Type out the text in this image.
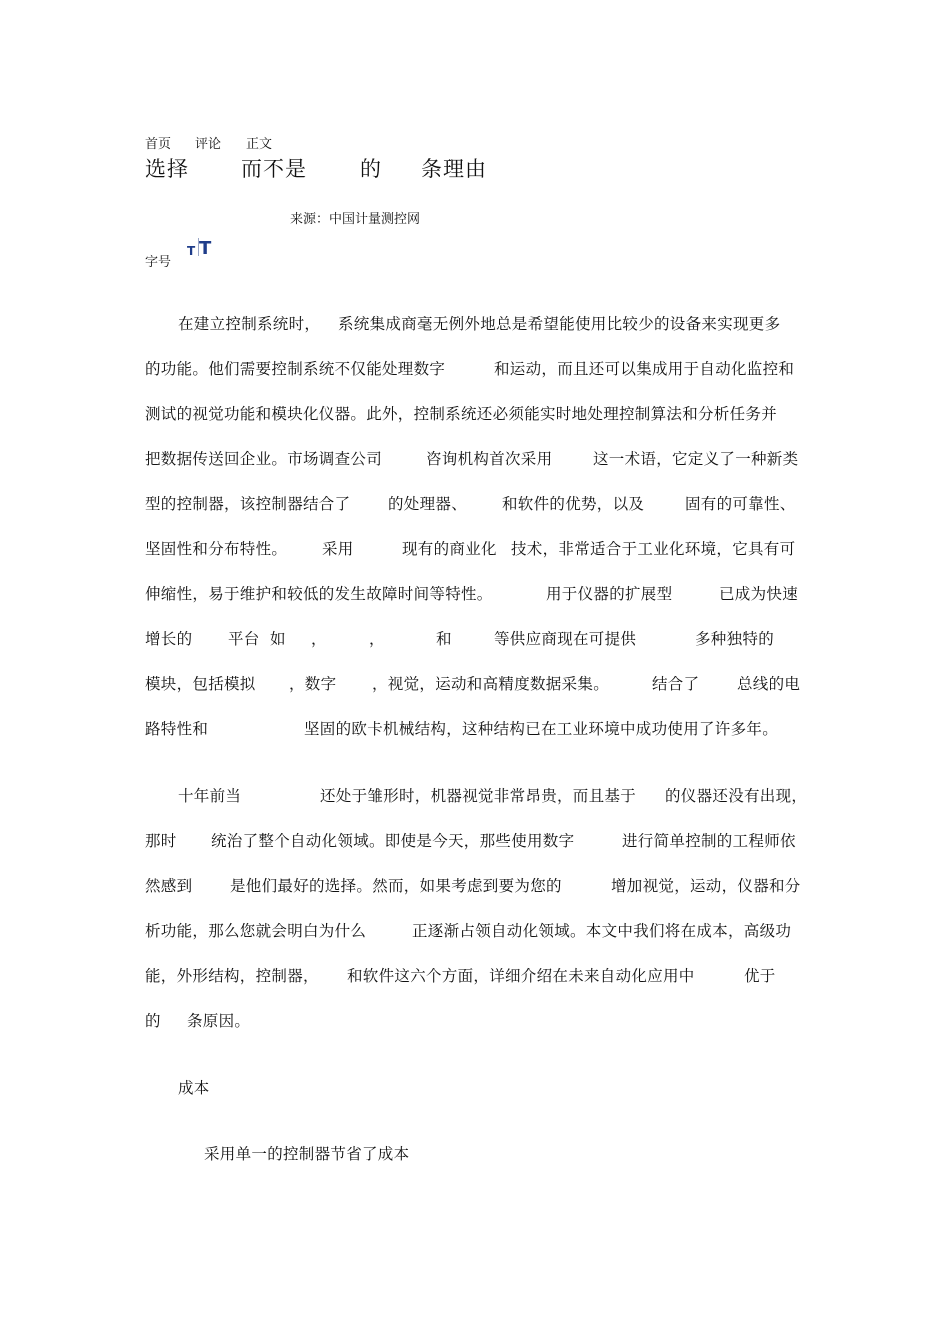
首页 评论 正文
选择 而不是	的 条理由
来源：中国计量测控网
字号
T T
在建立控制系统时， 系统集成商毫无例外地总是希望能使用比较少的设备来实现更多
的功能。他们需要控制系统不仅能处理数字	和运动，而且还可以集成用于自动化监控和
测试的视觉功能和模块化仪器。此外，控制系统还必须能实时地处理控制算法和分析任务并
把数据传送回企业。市场调查公司	咨询机构首次采用	这一术语，它定义了一种新类
型的控制器，该控制器结合了 的处理器、 和软件的优势，以及	固有的可靠性、
坚固性和分布特性。 采用	现有的商业化 技术，非常适合于工业化环境，它具有可
伸缩性，易于维护和较低的发生故障时间等特性。	用于仪器的扩展型	已成为快速
增长的 平台 如 ，	，	和	等供应商现在可提供	多种独特的
模块，包括模拟 ，数字 ，视觉，运动和高精度数据采集。	结合了 总线的电
路特性和	坚固的欧卡机械结构，这种结构已在工业环境中成功使用了许多年。
十年前当	还处于雏形时，机器视觉非常昂贵，而且基于 的仪器还没有出现，
那时 统治了整个自动化领域。即使是今天，那些使用数字	进行简单控制的工程师依
然感到 是他们最好的选择。然而，如果考虑到要为您的	增加视觉，运动，仪器和分
析功能，那么您就会明白为什么	正逐渐占领自动化领域。本文中我们将在成本，高级功
能，外形结构，控制器， 和软件这六个方面，详细介绍在未来自动化应用中	优于
的 条原因。
成本
采用单一的控制器节省了成本
